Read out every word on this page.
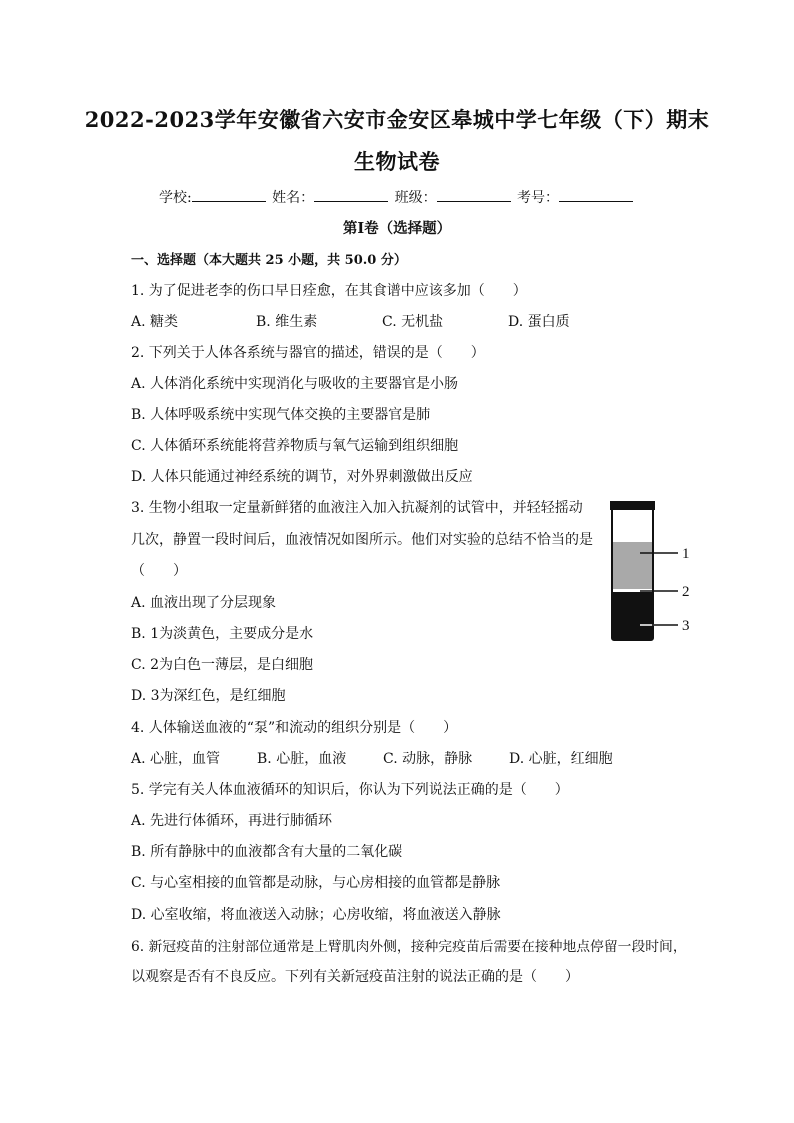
2022-2023学年安徽省六安市金安区皋城中学七年级（下）期末
生物试卷
学校:	姓名：	班级：	考号：
第Ⅰ卷（选择题）
一、选择题（本大题共 25 小题，共 50.0 分）
1. 为了促进老李的伤口早日痊愈，在其食谱中应该多加（　　）
A. 糖类	B. 维生素	C. 无机盐	D. 蛋白质
2. 下列关于人体各系统与器官的描述，错误的是（　　）
A. 人体消化系统中实现消化与吸收的主要器官是小肠
B. 人体呼吸系统中实现气体交换的主要器官是肺
C. 人体循环系统能将营养物质与氧气运输到组织细胞
D. 人体只能通过神经系统的调节，对外界刺激做出反应
3. 生物小组取一定量新鲜猪的血液注入加入抗凝剂的试管中，并轻轻摇动
几次，静置一段时间后，血液情况如图所示。他们对实验的总结不恰当的是
（　　）
A. 血液出现了分层现象
B. 1为淡黄色，主要成分是水
C. 2为白色一薄层，是白细胞
D. 3为深红色，是红细胞
1
2
3
4. 人体输送血液的“泵”和流动的组织分别是（　　）
A. 心脏，血管	B. 心脏，血液	C. 动脉，静脉	D. 心脏，红细胞
5. 学完有关人体血液循环的知识后，你认为下列说法正确的是（　　）
A. 先进行体循环，再进行肺循环
B. 所有静脉中的血液都含有大量的二氧化碳
C. 与心室相接的血管都是动脉，与心房相接的血管都是静脉
D. 心室收缩，将血液送入动脉；心房收缩，将血液送入静脉
6. 新冠疫苗的注射部位通常是上臂肌肉外侧，接种完疫苗后需要在接种地点停留一段时间，
以观察是否有不良反应。下列有关新冠疫苗注射的说法正确的是（　　）
